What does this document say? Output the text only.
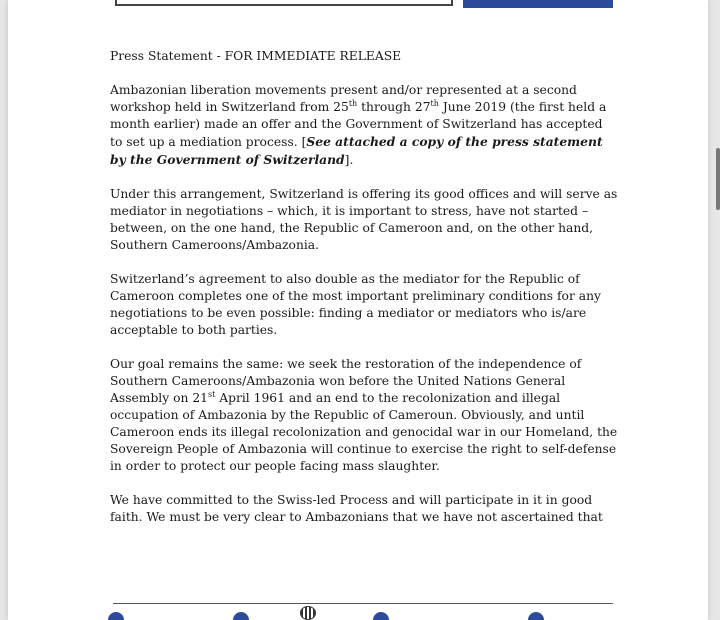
Press Statement - FOR IMMEDIATE RELEASE

Ambazonian liberation movements present and/or represented at a second workshop held in Switzerland from 25th through 27th June 2019 (the first held a month earlier) made an offer and the Government of Switzerland has accepted to set up a mediation process. [See attached a copy of the press statement by the Government of Switzerland].

Under this arrangement, Switzerland is offering its good offices and will serve as mediator in negotiations – which, it is important to stress, have not started – between, on the one hand, the Republic of Cameroon and, on the other hand, Southern Cameroons/Ambazonia.

Switzerland’s agreement to also double as the mediator for the Republic of Cameroon completes one of the most important preliminary conditions for any negotiations to be even possible: finding a mediator or mediators who is/are acceptable to both parties.

Our goal remains the same: we seek the restoration of the independence of Southern Cameroons/Ambazonia won before the United Nations General Assembly on 21st April 1961 and an end to the recolonization and illegal occupation of Ambazonia by the Republic of Cameroun. Obviously, and until Cameroon ends its illegal recolonization and genocidal war in our Homeland, the Sovereign People of Ambazonia will continue to exercise the right to self-defense in order to protect our people facing mass slaughter.

We have committed to the Swiss-led Process and will participate in it in good faith. We must be very clear to Ambazonians that we have not ascertained that
